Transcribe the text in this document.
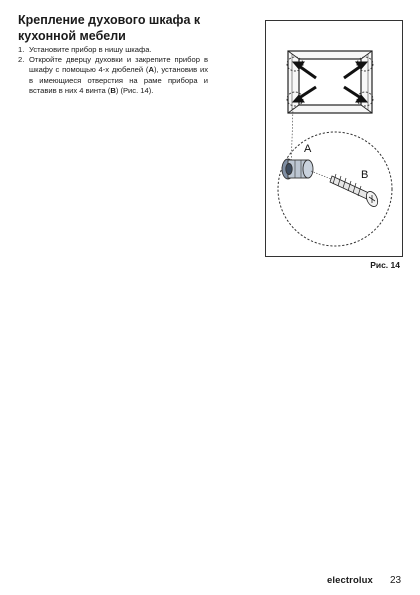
Крепление духового шкафа к
кухонной мебели
1. Установите прибор в нишу шкафа.
2. Откройте дверцу духовки и закрепите прибор в шкафу с помощью 4-х дюбелей (A), установив их в имеющиеся отверстия на раме прибора и вставив в них 4 винта (B) (Рис. 14).
A
B
Рис. 14
electrolux 23
